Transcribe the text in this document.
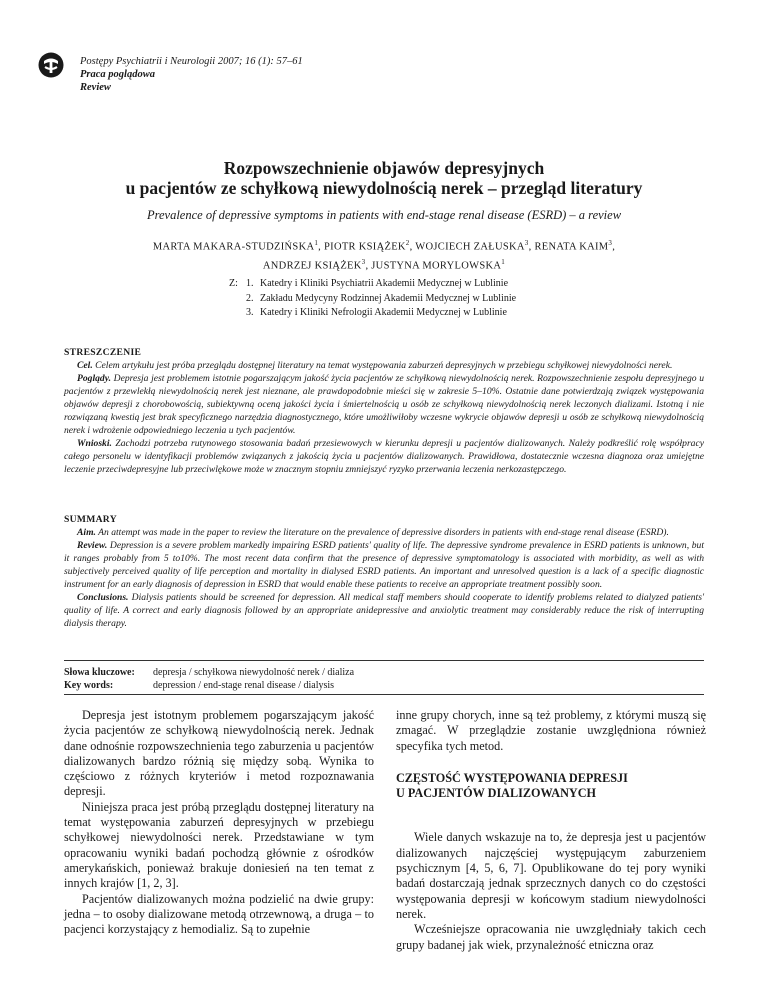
Postępy Psychiatrii i Neurologii 2007; 16 (1): 57–61
Praca poglądowa
Review
Rozpowszechnienie objawów depresyjnych
u pacjentów ze schyłkową niewydolnością nerek – przegląd literatury
Prevalence of depressive symptoms in patients with end-stage renal disease (ESRD) – a review
MARTA MAKARA-STUDZIŃSKA$^1$, PIOTR KSIĄŻEK$^2$, WOJCIECH ZAŁUSKA$^3$, RENATA KAIM$^3$,
ANDRZEJ KSIĄŻEK$^3$, JUSTYNA MORYLOWSKA$^1$
Z: 1. Katedry i Kliniki Psychiatrii Akademii Medycznej w Lublinie
2. Zakładu Medycyny Rodzinnej Akademii Medycznej w Lublinie
3. Katedry i Kliniki Nefrologii Akademii Medycznej w Lublinie
STRESZCZENIE

Cel. Celem artykułu jest próba przeglądu dostępnej literatury na temat występowania zaburzeń depresyjnych w przebiegu schyłkowej niewydolności nerek.

Poglądy. Depresja jest problemem istotnie pogarszającym jakość życia pacjentów ze schyłkową niewydolnością nerek. Rozpowszechnienie zespołu depresyjnego u pacjentów z przewlekłą niewydolnością nerek jest nieznane, ale prawdopodobnie mieści się w zakresie 5–10%. Ostatnie dane potwierdzają związek występowania objawów depresji z chorobowością, subiektywną oceną jakości życia i śmiertelnością u osób ze schyłkową niewydolnością nerek leczonych dializami. Istotną i nie rozwiązaną kwestią jest brak specyficznego narzędzia diagnostycznego, które umożliwiłoby wczesne wykrycie objawów depresji u osób ze schyłkową niewydolnością nerek i wdrożenie odpowiedniego leczenia u tych pacjentów.

Wnioski. Zachodzi potrzeba rutynowego stosowania badań przesiewowych w kierunku depresji u pacjentów dializowanych. Należy podkreślić rolę współpracy całego personelu w identyfikacji problemów związanych z jakością życia u pacjentów dializowanych. Prawidłowa, dostatecznie wczesna diagnoza oraz umiejętne leczenie przeciwdepresyjne lub przeciwlękowe może w znacznym stopniu zmniejszyć ryzyko przerwania leczenia nerkozastępczego.

SUMMARY

Aim. An attempt was made in the paper to review the literature on the prevalence of depressive disorders in patients with end-stage renal disease (ESRD).

Review. Depression is a severe problem markedly impairing ESRD patients' quality of life. The depressive syndrome prevalence in ESRD patients is unknown, but it ranges probably from 5 to10%. The most recent data confirm that the presence of depressive symptomatology is associated with morbidity, as well as with subjectively perceived quality of life perception and mortality in dialysed ESRD patients. An important and unresolved question is a lack of a specific diagnostic instrument for an early diagnosis of depression in ESRD that would enable these patients to receive an appropriate treatment possibly soon.

Conclusions. Dialysis patients should be screened for depression. All medical staff members should cooperate to identify problems related to dialyzed patients' quality of life. A correct and early diagnosis followed by an appropriate anidepressive and anxiolytic treatment may considerably reduce the risk of interrupting dialysis therapy.

Słowa kluczowe:	depresja / schyłkowa niewydolność nerek / dializa
Key words:	depression / end-stage renal disease / dialysis

Depresja jest istotnym problemem pogarszającym jakość życia pacjentów ze schyłkową niewydolnością nerek. Jednak dane odnośnie rozpowszechnienia tego zaburzenia u pacjentów dializowanych bardzo różnią się między sobą. Wynika to częściowo z różnych kryteriów i metod rozpoznawania depresji.

Niniejsza praca jest próbą przeglądu dostępnej literatury na temat występowania zaburzeń depresyjnych w przebiegu schyłkowej niewydolności nerek. Przedstawiane w tym opracowaniu wyniki badań pochodzą głównie z ośrodków amerykańskich, ponieważ brakuje doniesień na ten temat z innych krajów [1, 2, 3].

Pacjentów dializowanych można podzielić na dwie grupy: jedna – to osoby dializowane metodą otrzewnową, a druga – to pacjenci korzystający z hemodializ. Są to zupełnie

inne grupy chorych, inne są też problemy, z którymi muszą się zmagać. W przeglądzie zostanie uwzględniona również specyfika tych metod.

CZĘSTOŚĆ WYSTĘPOWANIA DEPRESJI
U PACJENTÓW DIALIZOWANYCH

Wiele danych wskazuje na to, że depresja jest u pacjentów dializowanych najczęściej występującym zaburzeniem psychicznym [4, 5, 6, 7]. Opublikowane do tej pory wyniki badań dostarczają jednak sprzecznych danych co do częstości występowania depresji w końcowym stadium niewydolności nerek.

Wcześniejsze opracowania nie uwzględniały takich cech grupy badanej jak wiek, przynależność etniczna oraz
